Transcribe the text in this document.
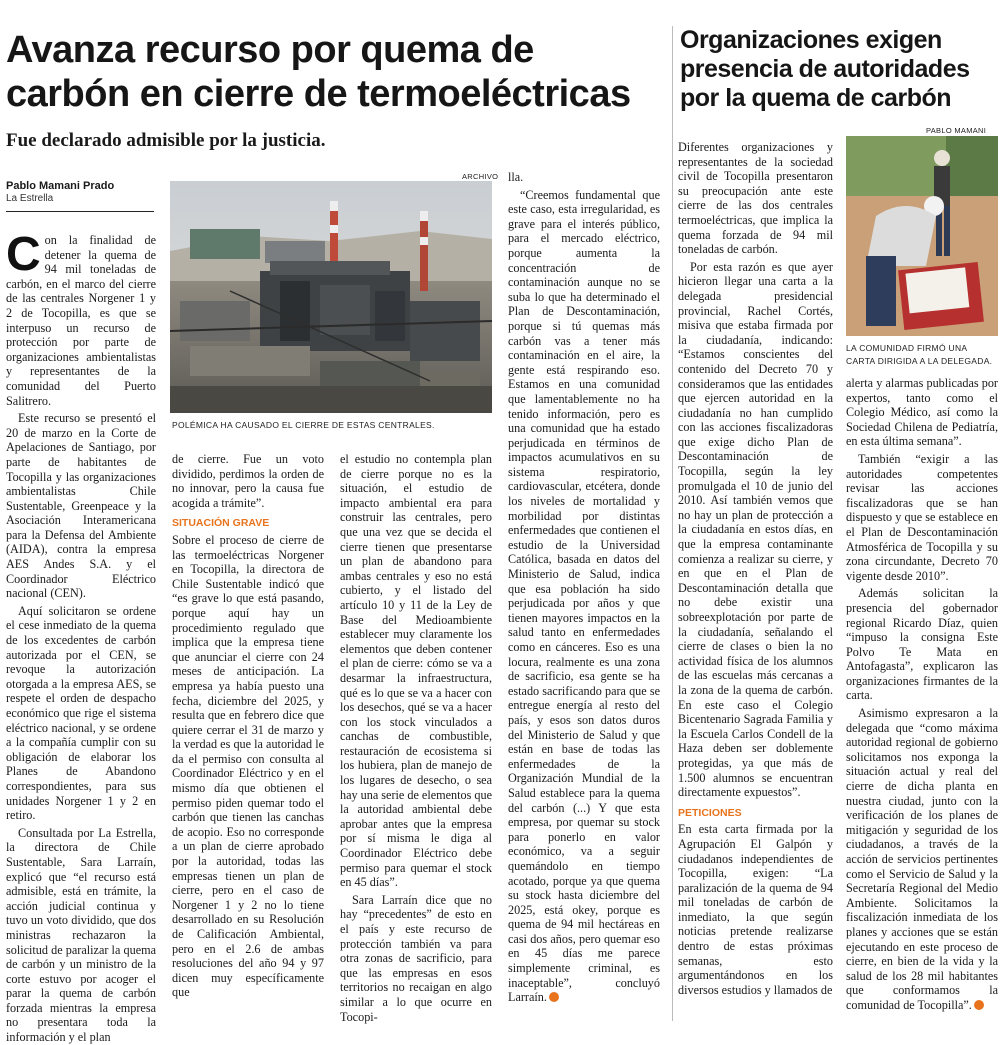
Avanza recurso por quema de carbón en cierre de termoeléctricas
Fue declarado admisible por la justicia.
Pablo Mamani Prado
La Estrella
ARCHIVO
POLÉMICA HA CAUSADO EL CIERRE DE ESTAS CENTRALES.
C on la finalidad de detener la quema de 94 mil toneladas de carbón, en el marco del cierre de las centrales Norgener 1 y 2 de Tocopilla, es que se interpuso un recurso de protección por parte de organizaciones ambientalistas y representantes de la comunidad del Puerto Salitrero.

Este recurso se presentó el 20 de marzo en la Corte de Apelaciones de Santiago, por parte de habitantes de Tocopilla y las organizaciones ambientalistas Chile Sustentable, Greenpeace y la Asociación Interamericana para la Defensa del Ambiente (AIDA), contra la empresa AES Andes S.A. y el Coordinador Eléctrico nacional (CEN).

Aquí solicitaron se ordene el cese inmediato de la quema de los excedentes de carbón autorizada por el CEN, se revoque la autorización otorgada a la empresa AES, se respete el orden de despacho económico que rige el sistema eléctrico nacional, y se ordene a la compañía cumplir con su obligación de elaborar los Planes de Abandono correspondientes, para sus unidades Norgener 1 y 2 en retiro.

Consultada por La Estrella, la directora de Chile Sustentable, Sara Larraín, explicó que “el recurso está admisible, está en trámite, la acción judicial continua y tuvo un voto dividido, que dos ministras rechazaron la solicitud de paralizar la quema de carbón y un ministro de la corte estuvo por acoger el parar la quema de carbón forzada mientras la empresa no presentara toda la información y el plan

de cierre. Fue un voto dividido, perdimos la orden de no innovar, pero la causa fue acogida a trámite”.

SITUACIÓN GRAVE

Sobre el proceso de cierre de las termoeléctricas Norgener en Tocopilla, la directora de Chile Sustentable indicó que “es grave lo que está pasando, porque aquí hay un procedimiento regulado que implica que la empresa tiene que anunciar el cierre con 24 meses de anticipación. La empresa ya había puesto una fecha, diciembre del 2025, y resulta que en febrero dice que quiere cerrar el 31 de marzo y la verdad es que la autoridad le da el permiso con consulta al Coordinador Eléctrico y en el mismo día que obtienen el permiso piden quemar todo el carbón que tienen las canchas de acopio. Eso no corresponde a un plan de cierre aprobado por la autoridad, todas las empresas tienen un plan de cierre, pero en el caso de Norgener 1 y 2 no lo tiene desarrollado en su Resolución de Calificación Ambiental, pero en el 2.6 de ambas resoluciones del año 94 y 97 dicen muy específicamente que

el estudio no contempla plan de cierre porque no es la situación, el estudio de impacto ambiental era para construir las centrales, pero que una vez que se decida el cierre tienen que presentarse un plan de abandono para ambas centrales y eso no está cubierto, y el listado del artículo 10 y 11 de la Ley de Base del Medioambiente establecer muy claramente los elementos que deben contener el plan de cierre: cómo se va a desarmar la infraestructura, qué es lo que se va a hacer con los desechos, qué se va a hacer con los stock vinculados a canchas de combustible, restauración de ecosistema si los hubiera, plan de manejo de los lugares de desecho, o sea hay una serie de elementos que la autoridad ambiental debe aprobar antes que la empresa por sí misma le diga al Coordinador Eléctrico debe permiso para quemar el stock en 45 días”.

Sara Larraín dice que no hay “precedentes” de esto en el país y este recurso de protección también va para otra zonas de sacrificio, para que las empresas en esos territorios no recaigan en algo similar a lo que ocurre en Tocopi-

lla.

“Creemos fundamental que este caso, esta irregularidad, es grave para el interés público, para el mercado eléctrico, porque aumenta la concentración de contaminación aunque no se suba lo que ha determinado el Plan de Descontaminación, porque si tú quemas más carbón vas a tener más contaminación en el aire, la gente está respirando eso. Estamos en una comunidad que lamentablemente no ha tenido información, pero es una comunidad que ha estado perjudicada en términos de impactos acumulativos en su sistema respiratorio, cardiovascular, etcétera, donde los niveles de mortalidad y morbilidad por distintas enfermedades que contienen el estudio de la Universidad Católica, basada en datos del Ministerio de Salud, indica que esa población ha sido perjudicada por años y que tienen mayores impactos en la salud tanto en enfermedades como en cánceres. Eso es una locura, realmente es una zona de sacrificio, esa gente se ha estado sacrificando para que se entregue energía al resto del país, y esos son datos duros del Ministerio de Salud y que están en base de todas las enfermedades de la Organización Mundial de la Salud establece para la quema del carbón (...) Y que esta empresa, por quemar su stock para ponerlo en valor económico, va a seguir quemándolo en tiempo acotado, porque ya que quema su stock hasta diciembre del 2025, está okey, porque es quema de 94 mil hectáreas en casi dos años, pero quemar eso en 45 días me parece simplemente criminal, es inaceptable”, concluyó Larraín.

Organizaciones exigen presencia de autoridades por la quema de carbón
PABLO MAMANI
LA COMUNIDAD FIRMÓ UNA CARTA DIRIGIDA A LA DELEGADA.

Diferentes organizaciones y representantes de la sociedad civil de Tocopilla presentaron su preocupación ante este cierre de las dos centrales termoeléctricas, que implica la quema forzada de 94 mil toneladas de carbón.

Por esta razón es que ayer hicieron llegar una carta a la delegada presidencial provincial, Rachel Cortés, misiva que estaba firmada por la ciudadanía, indicando: “Estamos conscientes del contenido del Decreto 70 y consideramos que las entidades que ejercen autoridad en la ciudadanía no han cumplido con las acciones fiscalizadoras que exige dicho Plan de Descontaminación de Tocopilla, según la ley promulgada el 10 de junio del 2010. Así también vemos que no hay un plan de protección a la ciudadanía en estos días, en que la empresa contaminante comienza a realizar su cierre, y en que en el Plan de Descontaminación detalla que no debe existir una sobreexplotación por parte de la ciudadanía, señalando el cierre de clases o bien la no actividad física de los alumnos de las escuelas más cercanas a la zona de la quema de carbón. En este caso el Colegio Bicentenario Sagrada Familia y la Escuela Carlos Condell de la Haza deben ser doblemente protegidas, ya que más de 1.500 alumnos se encuentran directamente expuestos”.

PETICIONES

En esta carta firmada por la Agrupación El Galpón y ciudadanos independientes de Tocopilla, exigen: “La paralización de la quema de 94 mil toneladas de carbón de inmediato, la que según noticias pretende realizarse dentro de estas próximas semanas, esto argumentándonos en los diversos estudios y llamados de

alerta y alarmas publicadas por expertos, tanto como el Colegio Médico, así como la Sociedad Chilena de Pediatría, en esta última semana”.

También “exigir a las autoridades competentes revisar las acciones fiscalizadoras que se han dispuesto y que se establece en el Plan de Descontaminación Atmosférica de Tocopilla y su zona circundante, Decreto 70 vigente desde 2010”.

Además solicitan la presencia del gobernador regional Ricardo Díaz, quien “impuso la consigna Este Polvo Te Mata en Antofagasta”, explicaron las organizaciones firmantes de la carta.

Asimismo expresaron a la delegada que “como máxima autoridad regional de gobierno solicitamos nos exponga la situación actual y real del cierre de dicha planta en nuestra ciudad, junto con la verificación de los planes de mitigación y seguridad de los ciudadanos, a través de la acción de servicios pertinentes como el Servicio de Salud y la Secretaría Regional del Medio Ambiente. Solicitamos la fiscalización inmediata de los planes y acciones que se están ejecutando en este proceso de cierre, en bien de la vida y la salud de los 28 mil habitantes que conformamos la comunidad de Tocopilla”.
